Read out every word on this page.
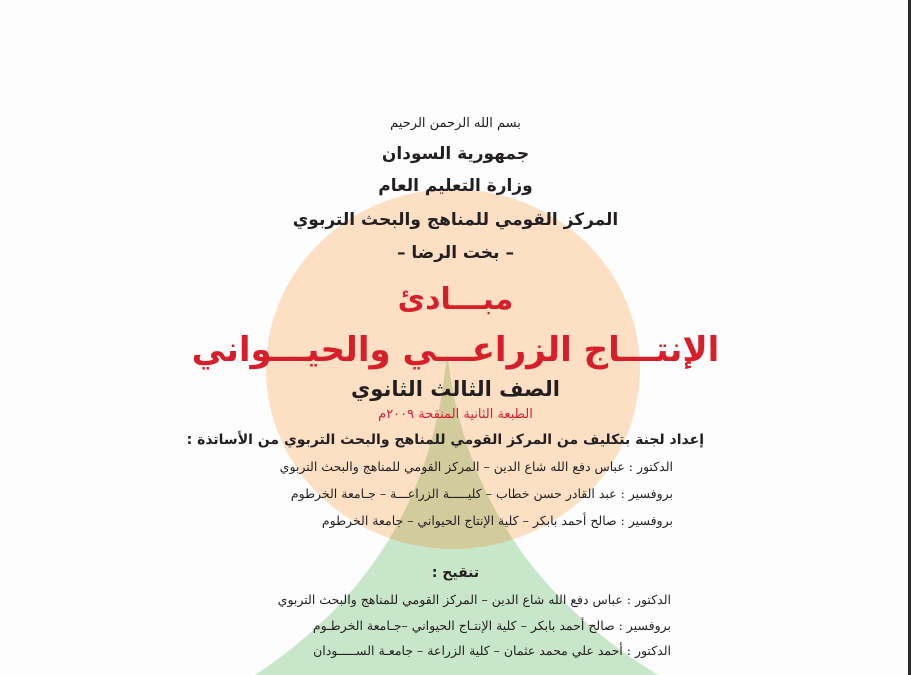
بسم الله الرحمن الرحيم
جمهورية السودان
وزارة التعليم العام
المركز القومي للمناهج والبحث التربوي
– بخت الرضا –
مبـــادئ
الإنتـــاج الزراعـــي والحيـــواني
الصف الثالث الثانوي
الطبعة الثانية المنقحة ٢٠٠٩م
إعداد لجنة بتكليف من المركز القومي للمناهج والبحث التربوي من الأساتذة :
الدكتور : عباس دفع الله شاع الدين – المركز القومي للمناهج والبحث التربوي
بروفسير : عبد القادر حسن خطاب – كليـــــة الزراعـــة – جـامعة الخرطوم
بروفسير : صالح أحمد بابكر – كلية الإنتاج الحيواني – جامعة الخرطوم
تنقيح :
الدكتور : عباس دفع الله شاع الدين – المركز القومي للمناهج والبحث التربوي
بروفسير : صالح أحمد بابكر – كلية الإنتـاج الحيواني –جـامعة الخرطـوم
الدكتور : أحمد علي محمد عثمان – كلية الزراعة – جامعـة السـ‍‍‍‍‍ــــودان
